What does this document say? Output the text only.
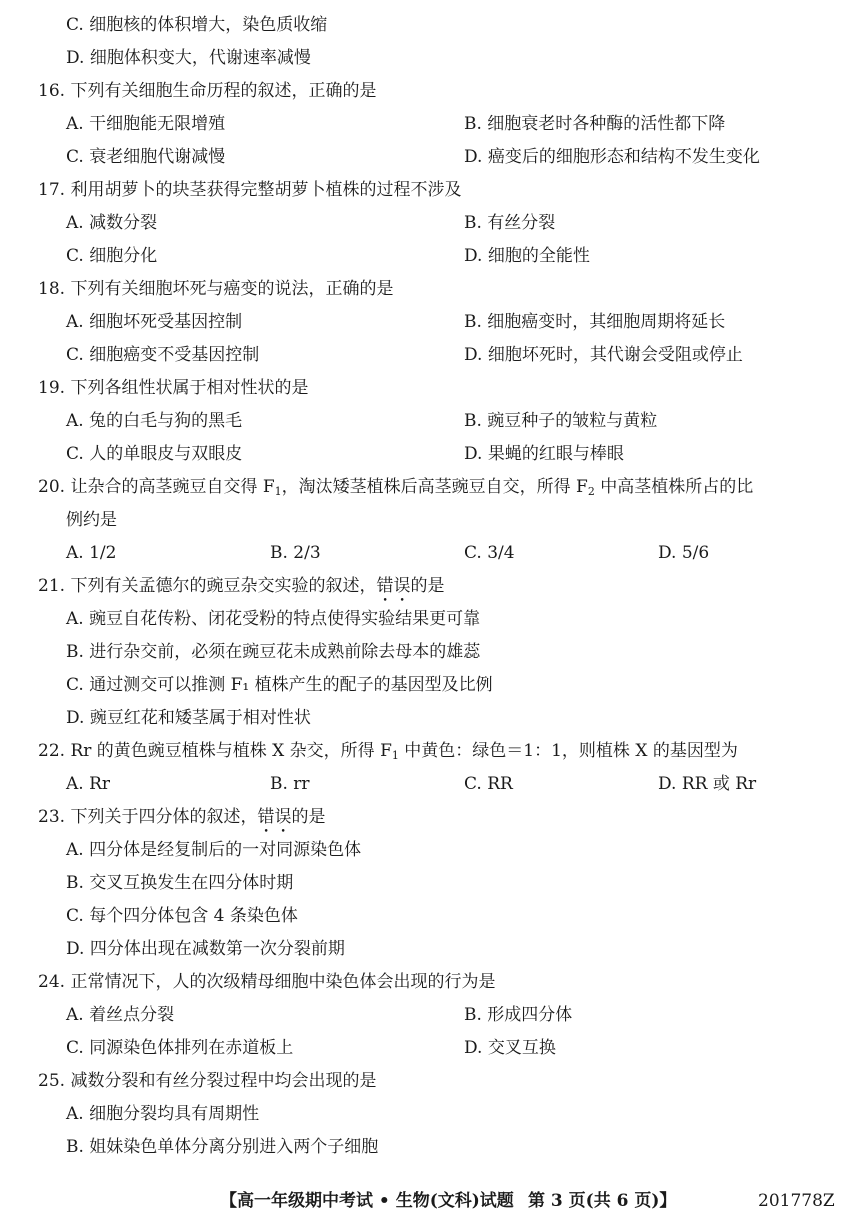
C. 细胞核的体积增大，染色质收缩
D. 细胞体积变大，代谢速率减慢
16. 下列有关细胞生命历程的叙述，正确的是
A. 干细胞能无限增殖	B. 细胞衰老时各种酶的活性都下降
C. 衰老细胞代谢减慢	D. 癌变后的细胞形态和结构不发生变化
17. 利用胡萝卜的块茎获得完整胡萝卜植株的过程不涉及
A. 减数分裂	B. 有丝分裂
C. 细胞分化	D. 细胞的全能性
18. 下列有关细胞坏死与癌变的说法，正确的是
A. 细胞坏死受基因控制	B. 细胞癌变时，其细胞周期将延长
C. 细胞癌变不受基因控制	D. 细胞坏死时，其代谢会受阻或停止
19. 下列各组性状属于相对性状的是
A. 兔的白毛与狗的黑毛	B. 豌豆种子的皱粒与黄粒
C. 人的单眼皮与双眼皮	D. 果蝇的红眼与棒眼
20. 让杂合的高茎豌豆自交得 $F_1$，淘汰矮茎植株后高茎豌豆自交，所得 $F_2$ 中高茎植株所占的比
例约是
A. 1/2	B. 2/3	C. 3/4	D. 5/6
21. 下列有关孟德尔的豌豆杂交实验的叙述，错误的是
A. 豌豆自花传粉、闭花受粉的特点使得实验结果更可靠
B. 进行杂交前，必须在豌豆花未成熟前除去母本的雄蕊
C. 通过测交可以推测 F₁ 植株产生的配子的基因型及比例
D. 豌豆红花和矮茎属于相对性状
22. Rr 的黄色豌豆植株与植株 X 杂交，所得 $F_1$ 中黄色：绿色＝1：1，则植株 X 的基因型为
A. Rr	B. rr	C. RR	D. RR 或 Rr
23. 下列关于四分体的叙述，错误的是
A. 四分体是经复制后的一对同源染色体
B. 交叉互换发生在四分体时期
C. 每个四分体包含 4 条染色体
D. 四分体出现在减数第一次分裂前期
24. 正常情况下，人的次级精母细胞中染色体会出现的行为是
A. 着丝点分裂	B. 形成四分体
C. 同源染色体排列在赤道板上	D. 交叉互换
25. 减数分裂和有丝分裂过程中均会出现的是
A. 细胞分裂均具有周期性
B. 姐妹染色单体分离分别进入两个子细胞
【高一年级期中考试 • 生物(文科)试题 第 3 页(共 6 页)】	201778Z
